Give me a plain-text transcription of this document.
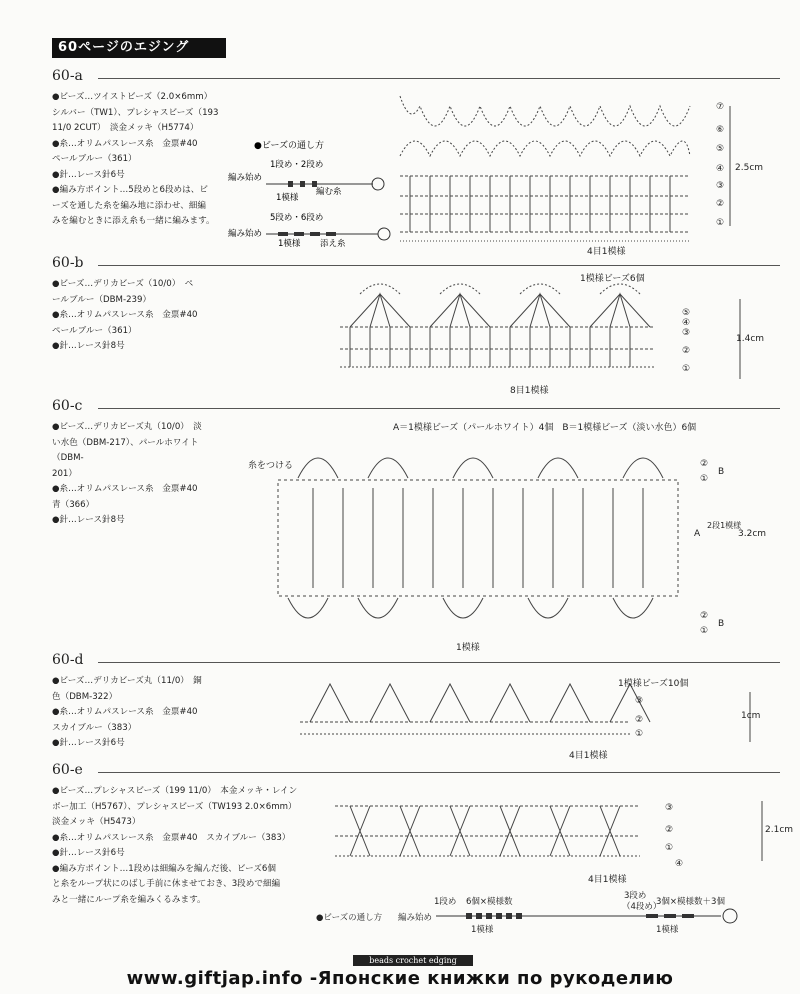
60ページのエジング
60-a
●ビーズ…ツイストビーズ（2.0×6mm）
シルバー（TW1）、プレシャスビーズ（193
11/0 2CUT）　淡金メッキ（H5774）
●糸…オリムパスレース糸　金票#40
ペールブルー（361）
●針…レース針6号
●編み方ポイント…5段めと6段めは、ビ
ーズを通した糸を編み地に添わせ、細編
みを編むときに添え糸も一緒に編みます。
●ビーズの通し方
1段め・2段め
編み始め
1模様
編む糸
5段め・6段め
編み始め
1模様 添え糸
⑦
⑥
⑤
④
③
②
①
2.5cm
4目1模様
60-b
●ビーズ…デリカビーズ（10/0）　ペ
ールブルー（DBM-239）
●糸…オリムパスレース糸　金票#40
ペールブルー（361）
●針…レース針8号
1模様ビーズ6個
⑤
④
③
②
①
1.4cm
8目1模様
60-c
●ビーズ…デリカビーズ丸（10/0）　淡
い水色（DBM-217）、パールホワイト（DBM-
201）
●糸…オリムパスレース糸　金票#40
青（366）
●針…レース針8号
A＝1模様ビーズ（パールホワイト）4個　B＝1模様ビーズ（淡い水色）6個
糸をつける	②
①
B
A
2段1模様
3.2cm
②
①
B
1模様
60-d
●ビーズ…デリカビーズ丸（11/0）　銅
色（DBM-322）
●糸…オリムパスレース糸　金票#40
スカイブルー（383）
●針…レース針6号
1模様ビーズ10個
③
②
①
1cm
4目1模様
60-e
●ビーズ…プレシャスビーズ（199 11/0）　本金メッキ・レイン
ボー加工（H5767）、プレシャスビーズ（TW193 2.0×6mm）
淡金メッキ（H5473）
●糸…オリムパスレース糸　金票#40　スカイブルー（383）
●針…レース針6号
●編み方ポイント…1段めは細編みを編んだ後、ビーズ6個
と糸をループ状にのばし手前に休ませておき、3段めで細編
みと一緒にループ糸を編みくるみます。
③
②
①
④
2.1cm
4目1模様
●ビーズの通し方
1段め 6個×模様数
編み始め
3段め
（4段め）
3個×模様数＋3個
1模様	1模様
beads crochet edging
www.giftjap.info -Японские книжки по рукоделию
